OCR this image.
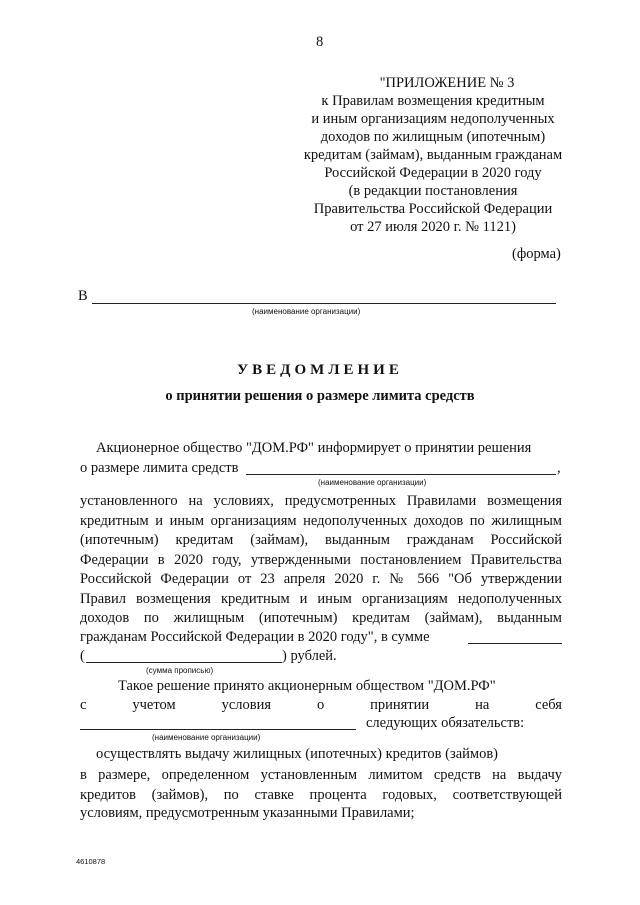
8
"ПРИЛОЖЕНИЕ № 3
к Правилам возмещения кредитным
и иным организациям недополученных
доходов по жилищным (ипотечным)
кредитам (займам), выданным гражданам
Российской Федерации в 2020 году
(в редакции постановления
Правительства Российской Федерации
от 27 июля 2020 г. № 1121)
(форма)
В
(наименование организации)
УВЕДОМЛЕНИЕ
о принятии решения о размере лимита средств
Акционерное общество "ДОМ.РФ" информирует о принятии решения
о размере лимита средств	,
(наименование организации)
установленного на условиях, предусмотренных Правилами возмещения
кредитным и иным организациям недополученных доходов по жилищным
(ипотечным) кредитам (займам), выданным гражданам Российской
Федерации в 2020 году, утвержденными постановлением Правительства
Российской Федерации от 23 апреля 2020 г. № 566 "Об утверждении
Правил возмещения кредитным и иным организациям недополученных
доходов по жилищным (ипотечным) кредитам (займам), выданным
гражданам Российской Федерации в 2020 году", в сумме
(	) рублей.
(сумма прописью)
Такое решение принято акционерным обществом "ДОМ.РФ"
с	учетом	условия	о	принятии	на	себя
следующих обязательств:
(наименование организации)
осуществлять выдачу жилищных (ипотечных) кредитов (займов)
в размере, определенном установленным лимитом средств на выдачу
кредитов (займов), по ставке процента годовых, соответствующей
условиям, предусмотренным указанными Правилами;
4610878
